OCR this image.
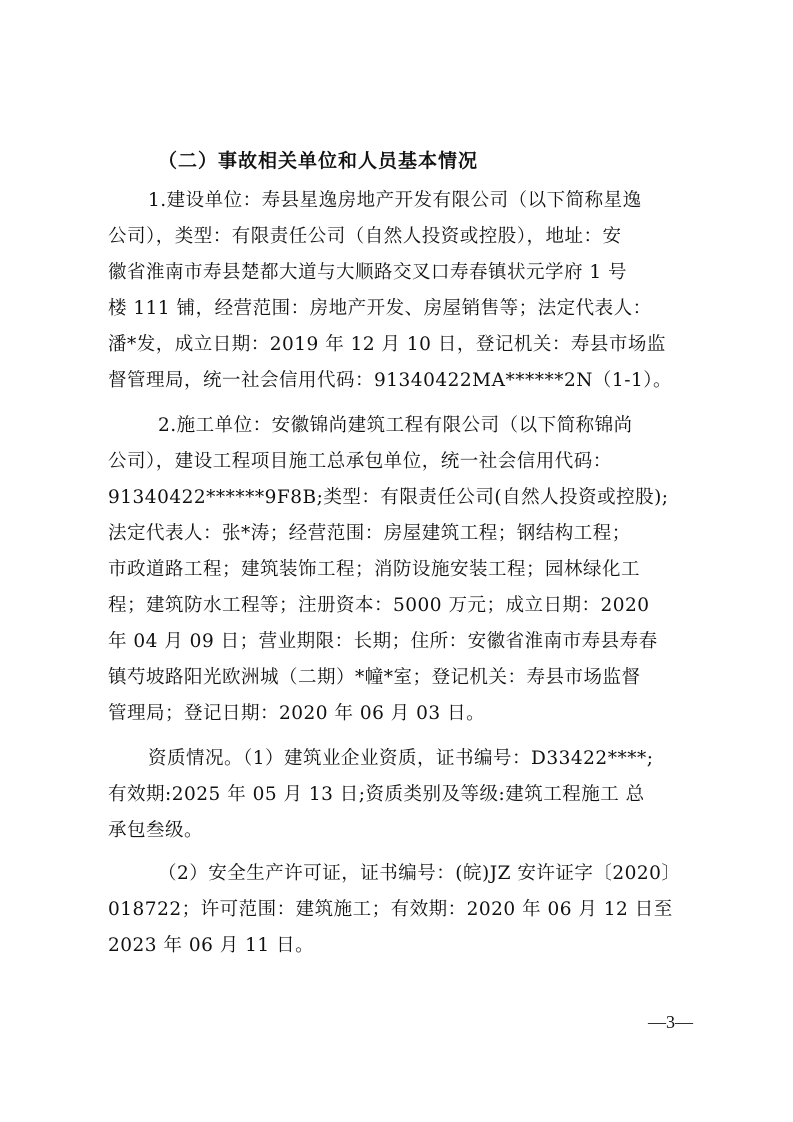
（二）事故相关单位和人员基本情况
1.建设单位：寿县星逸房地产开发有限公司（以下简称星逸
公司），类型：有限责任公司（自然人投资或控股），地址：安
徽省淮南市寿县楚都大道与大顺路交叉口寿春镇状元学府 1 号
楼 111 铺，经营范围：房地产开发、房屋销售等；法定代表人：
潘*发，成立日期：2019 年 12 月 10 日，登记机关：寿县市场监
督管理局，统一社会信用代码：91340422MA******2N（1-1）。
2.施工单位：安徽锦尚建筑工程有限公司（以下简称锦尚
公司），建设工程项目施工总承包单位，统一社会信用代码：
91340422******9F8B;类型：有限责任公司(自然人投资或控股);
法定代表人：张*涛；经营范围：房屋建筑工程；钢结构工程；
市政道路工程；建筑装饰工程；消防设施安装工程；园林绿化工
程；建筑防水工程等；注册资本：5000 万元；成立日期：2020
年 04 月 09 日；营业期限：长期；住所：安徽省淮南市寿县寿春
镇芍坡路阳光欧洲城（二期）*幢*室；登记机关：寿县市场监督
管理局；登记日期：2020 年 06 月 03 日。
资质情况。（1）建筑业企业资质，证书编号：D33422****;
有效期:2025 年 05 月 13 日;资质类别及等级:建筑工程施工 总
承包叁级。
（2）安全生产许可证，证书编号：(皖)JZ 安许证字〔2020〕
018722；许可范围：建筑施工；有效期：2020 年 06 月 12 日至
2023 年 06 月 11 日。
—3—
